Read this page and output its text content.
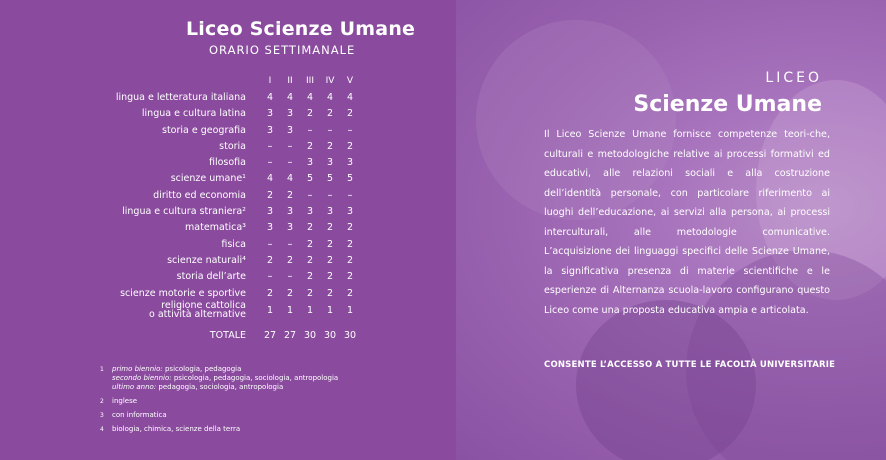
Liceo Scienze Umane
ORARIO SETTIMANALE
	I	II	III	IV	V

lingua e letteratura italiana	4	4	4	4	4

lingua e cultura latina	3	3	2	2	2

storia e geografia	3	3	–	–	–

storia	–	–	2	2	2

filosofia	–	–	3	3	3

scienze umane¹	4	4	5	5	5

diritto ed economia	2	2	–	–	–

lingua e cultura straniera²	3	3	3	3	3

matematica³	3	3	2	2	2

fisica	–	–	2	2	2

scienze naturali⁴	2	2	2	2	2

storia dell’arte	–	–	2	2	2

scienze motorie e sportive	2	2	2	2	2

religione cattolica
o attività alternative	1	1	1	1	1
TOTALE	27	27	30	30	30
1	primo biennio: psicologia, pedagogia
secondo biennio: psicologia, pedagogia, sociologia, antropologia
ultimo anno: pedagogia, sociologia, antropologia
2	inglese
3	con informatica
4	biologia, chimica, scienze della terra
LICEO
Scienze Umane
Il Liceo Scienze Umane fornisce competenze teori-che, culturali e metodologiche relative ai processi formativi ed educativi, alle relazioni sociali e alla costruzione dell’identità personale, con particolare riferimento ai luoghi dell’educazione, ai servizi alla persona, ai processi interculturali, alle metodologie comunicative. L’acquisizione dei linguaggi specifici delle Scienze Umane, la significativa presenza di materie scientifiche e le esperienze di Alternanza scuola-lavoro configurano questo Liceo come una proposta educativa ampia e articolata.
CONSENTE L’ACCESSO A TUTTE LE FACOLTÀ UNIVERSITARIE
